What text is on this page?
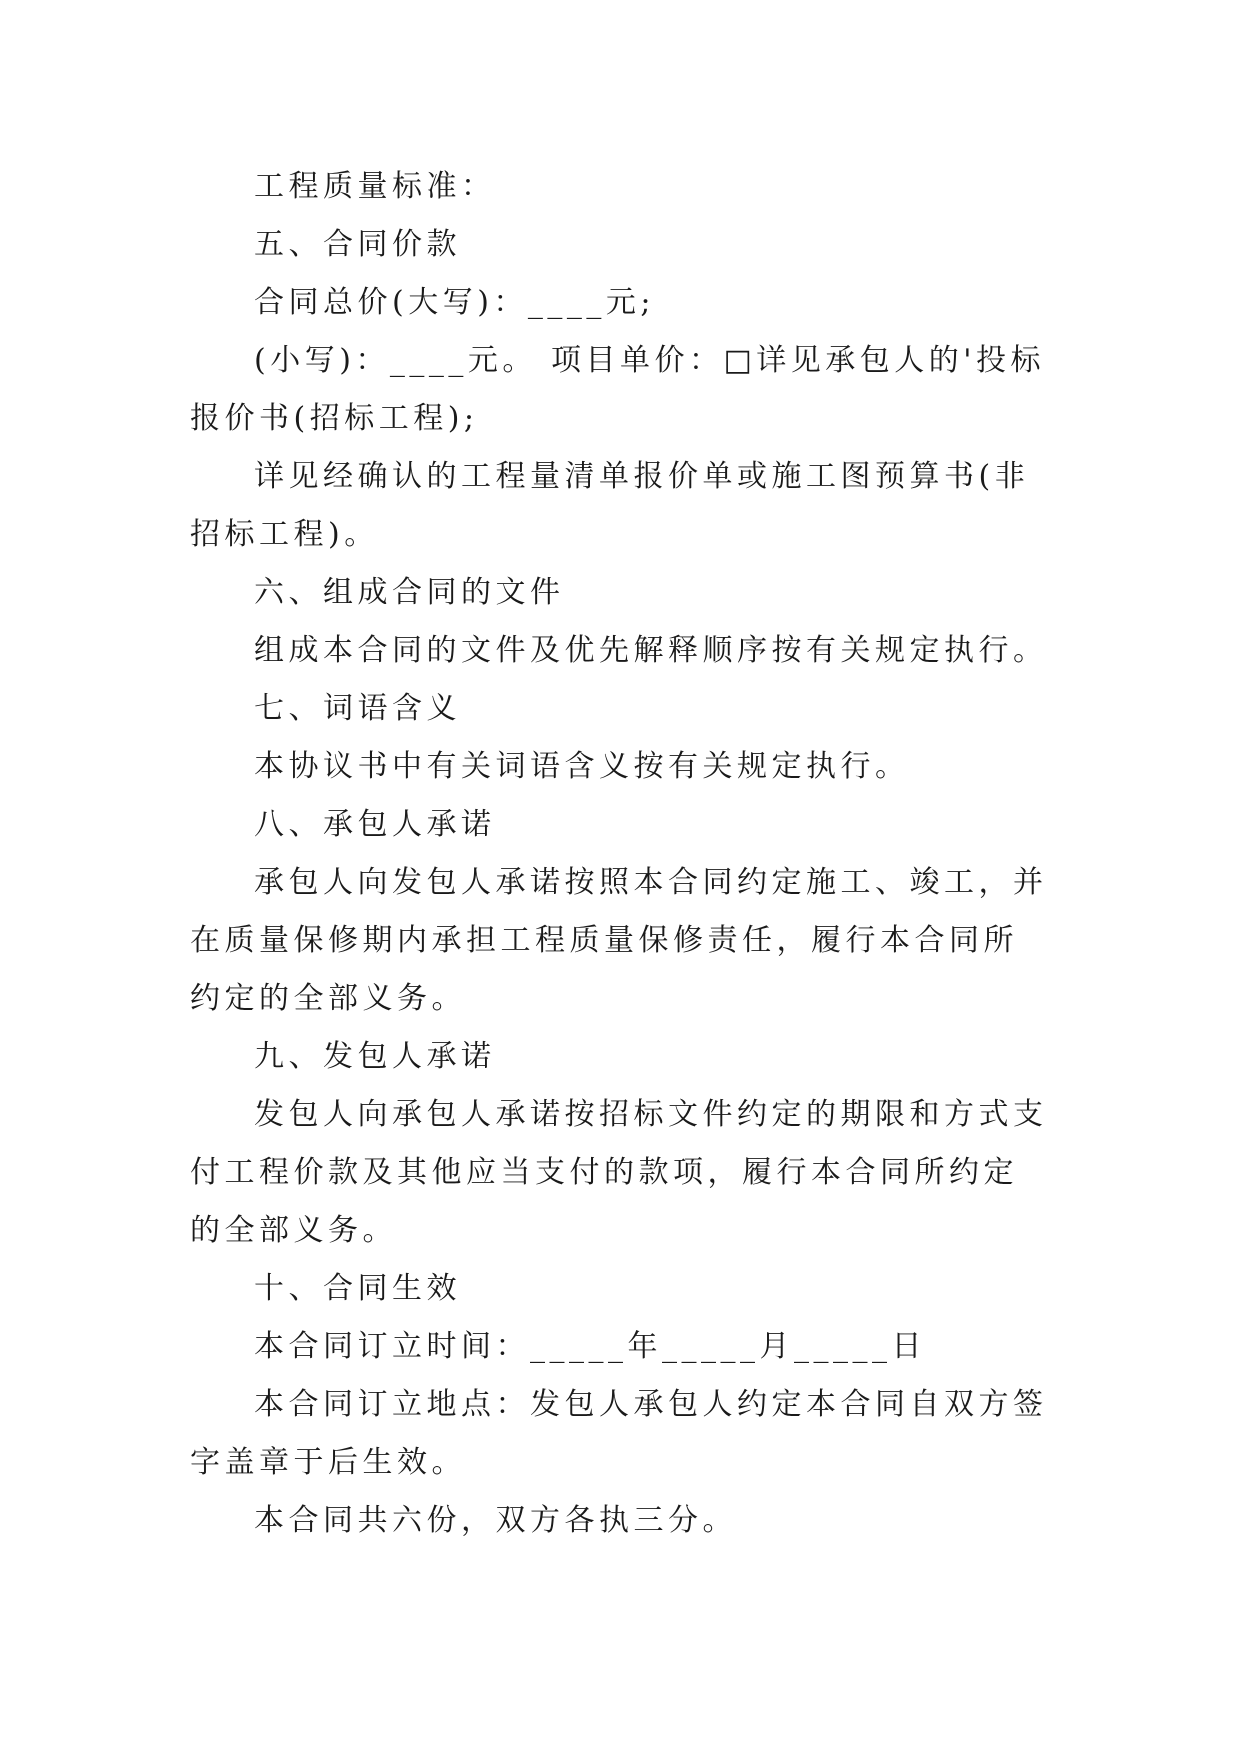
工程质量标准：

五、合同价款

合同总价(大写)：____元;

(小写)：____元。 项目单价：□详见承包人的'投标报价书(招标工程);

详见经确认的工程量清单报价单或施工图预算书(非招标工程)。

六、组成合同的文件

组成本合同的文件及优先解释顺序按有关规定执行。

七、词语含义

本协议书中有关词语含义按有关规定执行。

八、承包人承诺

承包人向发包人承诺按照本合同约定施工、竣工，并在质量保修期内承担工程质量保修责任，履行本合同所约定的全部义务。

九、发包人承诺

发包人向承包人承诺按招标文件约定的期限和方式支付工程价款及其他应当支付的款项，履行本合同所约定的全部义务。

十、合同生效

本合同订立时间：_____年_____月_____日

本合同订立地点：发包人承包人约定本合同自双方签字盖章于后生效。

本合同共六份，双方各执三分。
